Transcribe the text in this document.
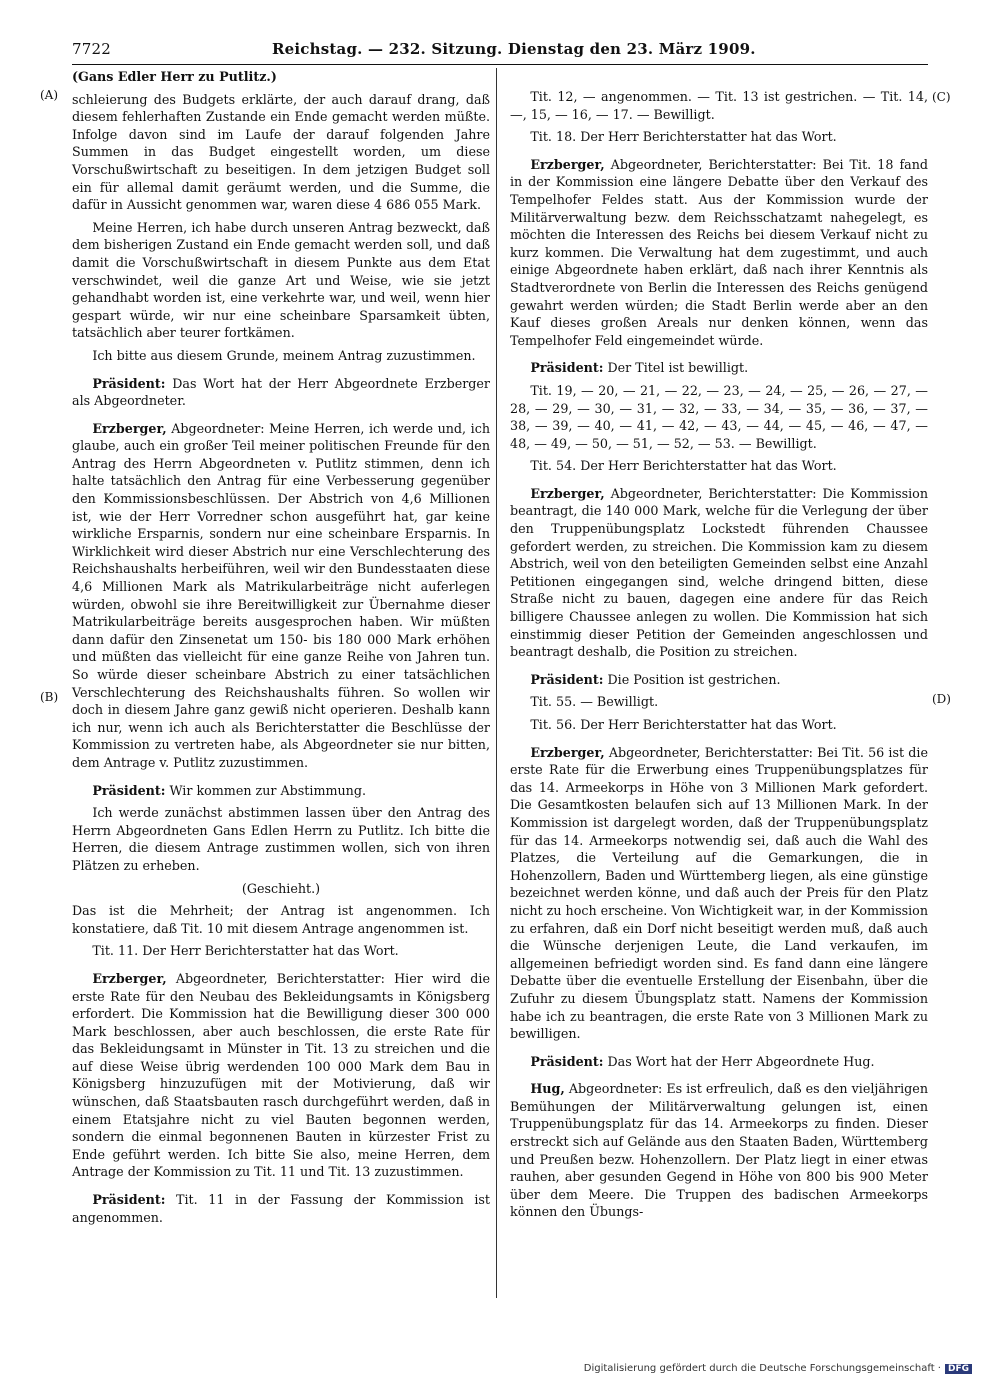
7722	Reichstag. — 232. Sitzung. Dienstag den 23. März 1909.
(A)
(B)
(C)
(D)

(Gans Edler Herr zu Putlitz.)

schleierung des Budgets erklärte, der auch darauf drang, daß diesem fehlerhaften Zustande ein Ende gemacht werden müßte. Infolge davon sind im Laufe der darauf folgenden Jahre Summen in das Budget eingestellt worden, um diese Vorschußwirtschaft zu beseitigen. In dem jetzigen Budget soll ein für allemal damit geräumt werden, und die Summe, die dafür in Aussicht genommen war, waren diese 4 686 055 Mark.

Meine Herren, ich habe durch unseren Antrag bezweckt, daß dem bisherigen Zustand ein Ende gemacht werden soll, und daß damit die Vorschußwirtschaft in diesem Punkte aus dem Etat verschwindet, weil die ganze Art und Weise, wie sie jetzt gehandhabt worden ist, eine verkehrte war, und weil, wenn hier gespart würde, wir nur eine scheinbare Sparsamkeit übten, tatsächlich aber teurer fortkämen.

Ich bitte aus diesem Grunde, meinem Antrag zuzustimmen.

Präsident: Das Wort hat der Herr Abgeordnete Erzberger als Abgeordneter.

Erzberger, Abgeordneter: Meine Herren, ich werde und, ich glaube, auch ein großer Teil meiner politischen Freunde für den Antrag des Herrn Abgeordneten v. Putlitz stimmen, denn ich halte tatsächlich den Antrag für eine Verbesserung gegenüber den Kommissionsbeschlüssen. Der Abstrich von 4,6 Millionen ist, wie der Herr Vorredner schon ausgeführt hat, gar keine wirkliche Ersparnis, sondern nur eine scheinbare Ersparnis. In Wirklichkeit wird dieser Abstrich nur eine Verschlechterung des Reichshaushalts herbeiführen, weil wir den Bundesstaaten diese 4,6 Millionen Mark als Matrikularbeiträge nicht auferlegen würden, obwohl sie ihre Bereitwilligkeit zur Übernahme dieser Matrikularbeiträge bereits ausgesprochen haben. Wir müßten dann dafür den Zinsenetat um 150- bis 180 000 Mark erhöhen und müßten das vielleicht für eine ganze Reihe von Jahren tun. So würde dieser scheinbare Abstrich zu einer tatsächlichen Verschlechterung des Reichshaushalts führen. So wollen wir doch in diesem Jahre ganz gewiß nicht operieren. Deshalb kann ich nur, wenn ich auch als Berichterstatter die Beschlüsse der Kommission zu vertreten habe, als Abgeordneter sie nur bitten, dem Antrage v. Putlitz zuzustimmen.

Präsident: Wir kommen zur Abstimmung.

Ich werde zunächst abstimmen lassen über den Antrag des Herrn Abgeordneten Gans Edlen Herrn zu Putlitz. Ich bitte die Herren, die diesem Antrage zustimmen wollen, sich von ihren Plätzen zu erheben.

(Geschieht.)

Das ist die Mehrheit; der Antrag ist angenommen. Ich konstatiere, daß Tit. 10 mit diesem Antrage angenommen ist.

Tit. 11. Der Herr Berichterstatter hat das Wort.

Erzberger, Abgeordneter, Berichterstatter: Hier wird die erste Rate für den Neubau des Bekleidungsamts in Königsberg erfordert. Die Kommission hat die Bewilligung dieser 300 000 Mark beschlossen, aber auch beschlossen, die erste Rate für das Bekleidungsamt in Münster in Tit. 13 zu streichen und die auf diese Weise übrig werdenden 100 000 Mark dem Bau in Königsberg hinzuzufügen mit der Motivierung, daß wir wünschen, daß Staatsbauten rasch durchgeführt werden, daß in einem Etatsjahre nicht zu viel Bauten begonnen werden, sondern die einmal begonnenen Bauten in kürzester Frist zu Ende geführt werden. Ich bitte Sie also, meine Herren, dem Antrage der Kommission zu Tit. 11 und Tit. 13 zuzustimmen.

Präsident: Tit. 11 in der Fassung der Kommission ist angenommen.

Tit. 12, — angenommen. — Tit. 13 ist gestrichen. — Tit. 14, —, 15, — 16, — 17. — Bewilligt.

Tit. 18. Der Herr Berichterstatter hat das Wort.

Erzberger, Abgeordneter, Berichterstatter: Bei Tit. 18 fand in der Kommission eine längere Debatte über den Verkauf des Tempelhofer Feldes statt. Aus der Kommission wurde der Militärverwaltung bezw. dem Reichsschatzamt nahegelegt, es möchten die Interessen des Reichs bei diesem Verkauf nicht zu kurz kommen. Die Verwaltung hat dem zugestimmt, und auch einige Abgeordnete haben erklärt, daß nach ihrer Kenntnis als Stadtverordnete von Berlin die Interessen des Reichs genügend gewahrt werden würden; die Stadt Berlin werde aber an den Kauf dieses großen Areals nur denken können, wenn das Tempelhofer Feld eingemeindet würde.

Präsident: Der Titel ist bewilligt.

Tit. 19, — 20, — 21, — 22, — 23, — 24, — 25, — 26, — 27, — 28, — 29, — 30, — 31, — 32, — 33, — 34, — 35, — 36, — 37, — 38, — 39, — 40, — 41, — 42, — 43, — 44, — 45, — 46, — 47, — 48, — 49, — 50, — 51, — 52, — 53. — Bewilligt.

Tit. 54. Der Herr Berichterstatter hat das Wort.

Erzberger, Abgeordneter, Berichterstatter: Die Kommission beantragt, die 140 000 Mark, welche für die Verlegung der über den Truppenübungsplatz Lockstedt führenden Chaussee gefordert werden, zu streichen. Die Kommission kam zu diesem Abstrich, weil von den beteiligten Gemeinden selbst eine Anzahl Petitionen eingegangen sind, welche dringend bitten, diese Straße nicht zu bauen, dagegen eine andere für das Reich billigere Chaussee anlegen zu wollen. Die Kommission hat sich einstimmig dieser Petition der Gemeinden angeschlossen und beantragt deshalb, die Position zu streichen.

Präsident: Die Position ist gestrichen.

Tit. 55. — Bewilligt.

Tit. 56. Der Herr Berichterstatter hat das Wort.

Erzberger, Abgeordneter, Berichterstatter: Bei Tit. 56 ist die erste Rate für die Erwerbung eines Truppenübungsplatzes für das 14. Armeekorps in Höhe von 3 Millionen Mark gefordert. Die Gesamtkosten belaufen sich auf 13 Millionen Mark. In der Kommission ist dargelegt worden, daß der Truppenübungsplatz für das 14. Armeekorps notwendig sei, daß auch die Wahl des Platzes, die Verteilung auf die Gemarkungen, die in Hohenzollern, Baden und Württemberg liegen, als eine günstige bezeichnet werden könne, und daß auch der Preis für den Platz nicht zu hoch erscheine. Von Wichtigkeit war, in der Kommission zu erfahren, daß ein Dorf nicht beseitigt werden muß, daß auch die Wünsche derjenigen Leute, die Land verkaufen, im allgemeinen befriedigt worden sind. Es fand dann eine längere Debatte über die eventuelle Erstellung der Eisenbahn, über die Zufuhr zu diesem Übungsplatz statt. Namens der Kommission habe ich zu beantragen, die erste Rate von 3 Millionen Mark zu bewilligen.

Präsident: Das Wort hat der Herr Abgeordnete Hug.

Hug, Abgeordneter: Es ist erfreulich, daß es den vieljährigen Bemühungen der Militärverwaltung gelungen ist, einen Truppenübungsplatz für das 14. Armeekorps zu finden. Dieser erstreckt sich auf Gelände aus den Staaten Baden, Württemberg und Preußen bezw. Hohenzollern. Der Platz liegt in einer etwas rauhen, aber gesunden Gegend in Höhe von 800 bis 900 Meter über dem Meere. Die Truppen des badischen Armeekorps können den Übungs-

Digitalisierung gefördert durch die Deutsche Forschungsgemeinschaft · DFG
